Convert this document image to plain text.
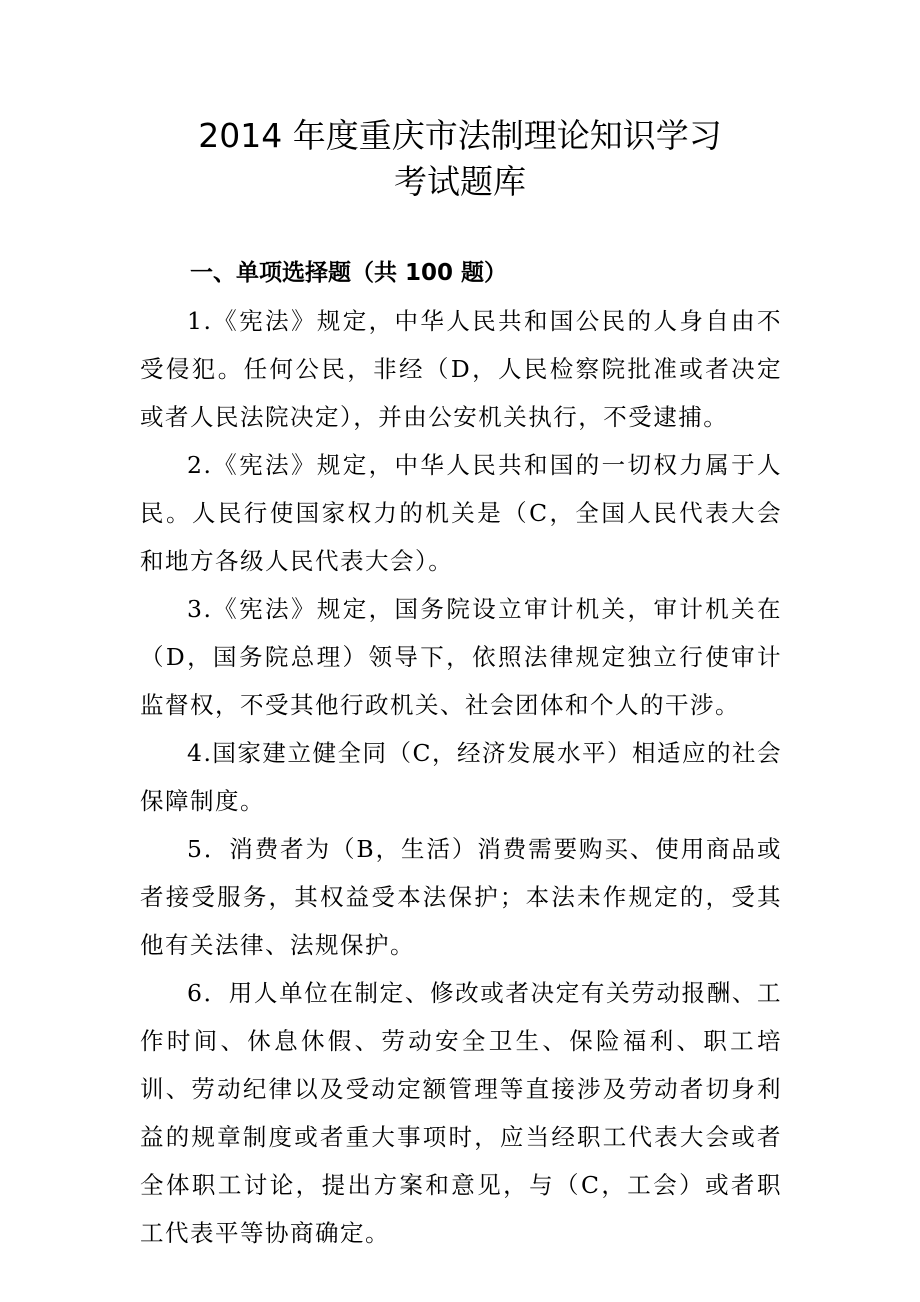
2014 年度重庆市法制理论知识学习
考试题库
一、单项选择题（共 100 题）

1.《宪法》规定，中华人民共和国公民的人身自由不受侵犯。任何公民，非经（D，人民检察院批准或者决定或者人民法院决定），并由公安机关执行，不受逮捕。

2.《宪法》规定，中华人民共和国的一切权力属于人民。人民行使国家权力的机关是（C，全国人民代表大会和地方各级人民代表大会）。

3.《宪法》规定，国务院设立审计机关，审计机关在（D，国务院总理）领导下，依照法律规定独立行使审计监督权，不受其他行政机关、社会团体和个人的干涉。

4.国家建立健全同（C，经济发展水平）相适应的社会保障制度。

5．消费者为（B，生活）消费需要购买、使用商品或者接受服务，其权益受本法保护；本法未作规定的，受其他有关法律、法规保护。

6．用人单位在制定、修改或者决定有关劳动报酬、工作时间、休息休假、劳动安全卫生、保险福利、职工培训、劳动纪律以及受动定额管理等直接涉及劳动者切身利益的规章制度或者重大事项时，应当经职工代表大会或者全体职工讨论，提出方案和意见，与（C，工会）或者职工代表平等协商确定。
